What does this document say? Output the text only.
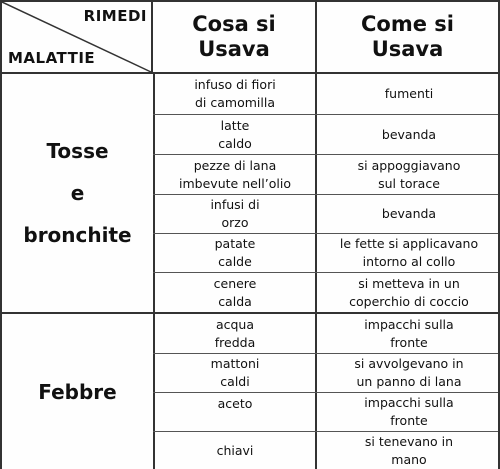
RIMEDI
MALATTIE
Cosa si
Usava
Come si
Usava
Tosse
e
bronchite
infuso di fiori
di camomilla
fumenti
latte
caldo
bevanda
pezze di lana
imbevute nell’olio
si appoggiavano
sul torace
infusi di
orzo
bevanda
patate
calde
le fette si applicavano
intorno al collo
cenere
calda
si metteva in un
coperchio di coccio
Febbre
acqua
fredda
impacchi sulla
fronte
mattoni
caldi
si avvolgevano in
un panno di lana
aceto	impacchi sulla
fronte
chiavi
si tenevano in
mano
